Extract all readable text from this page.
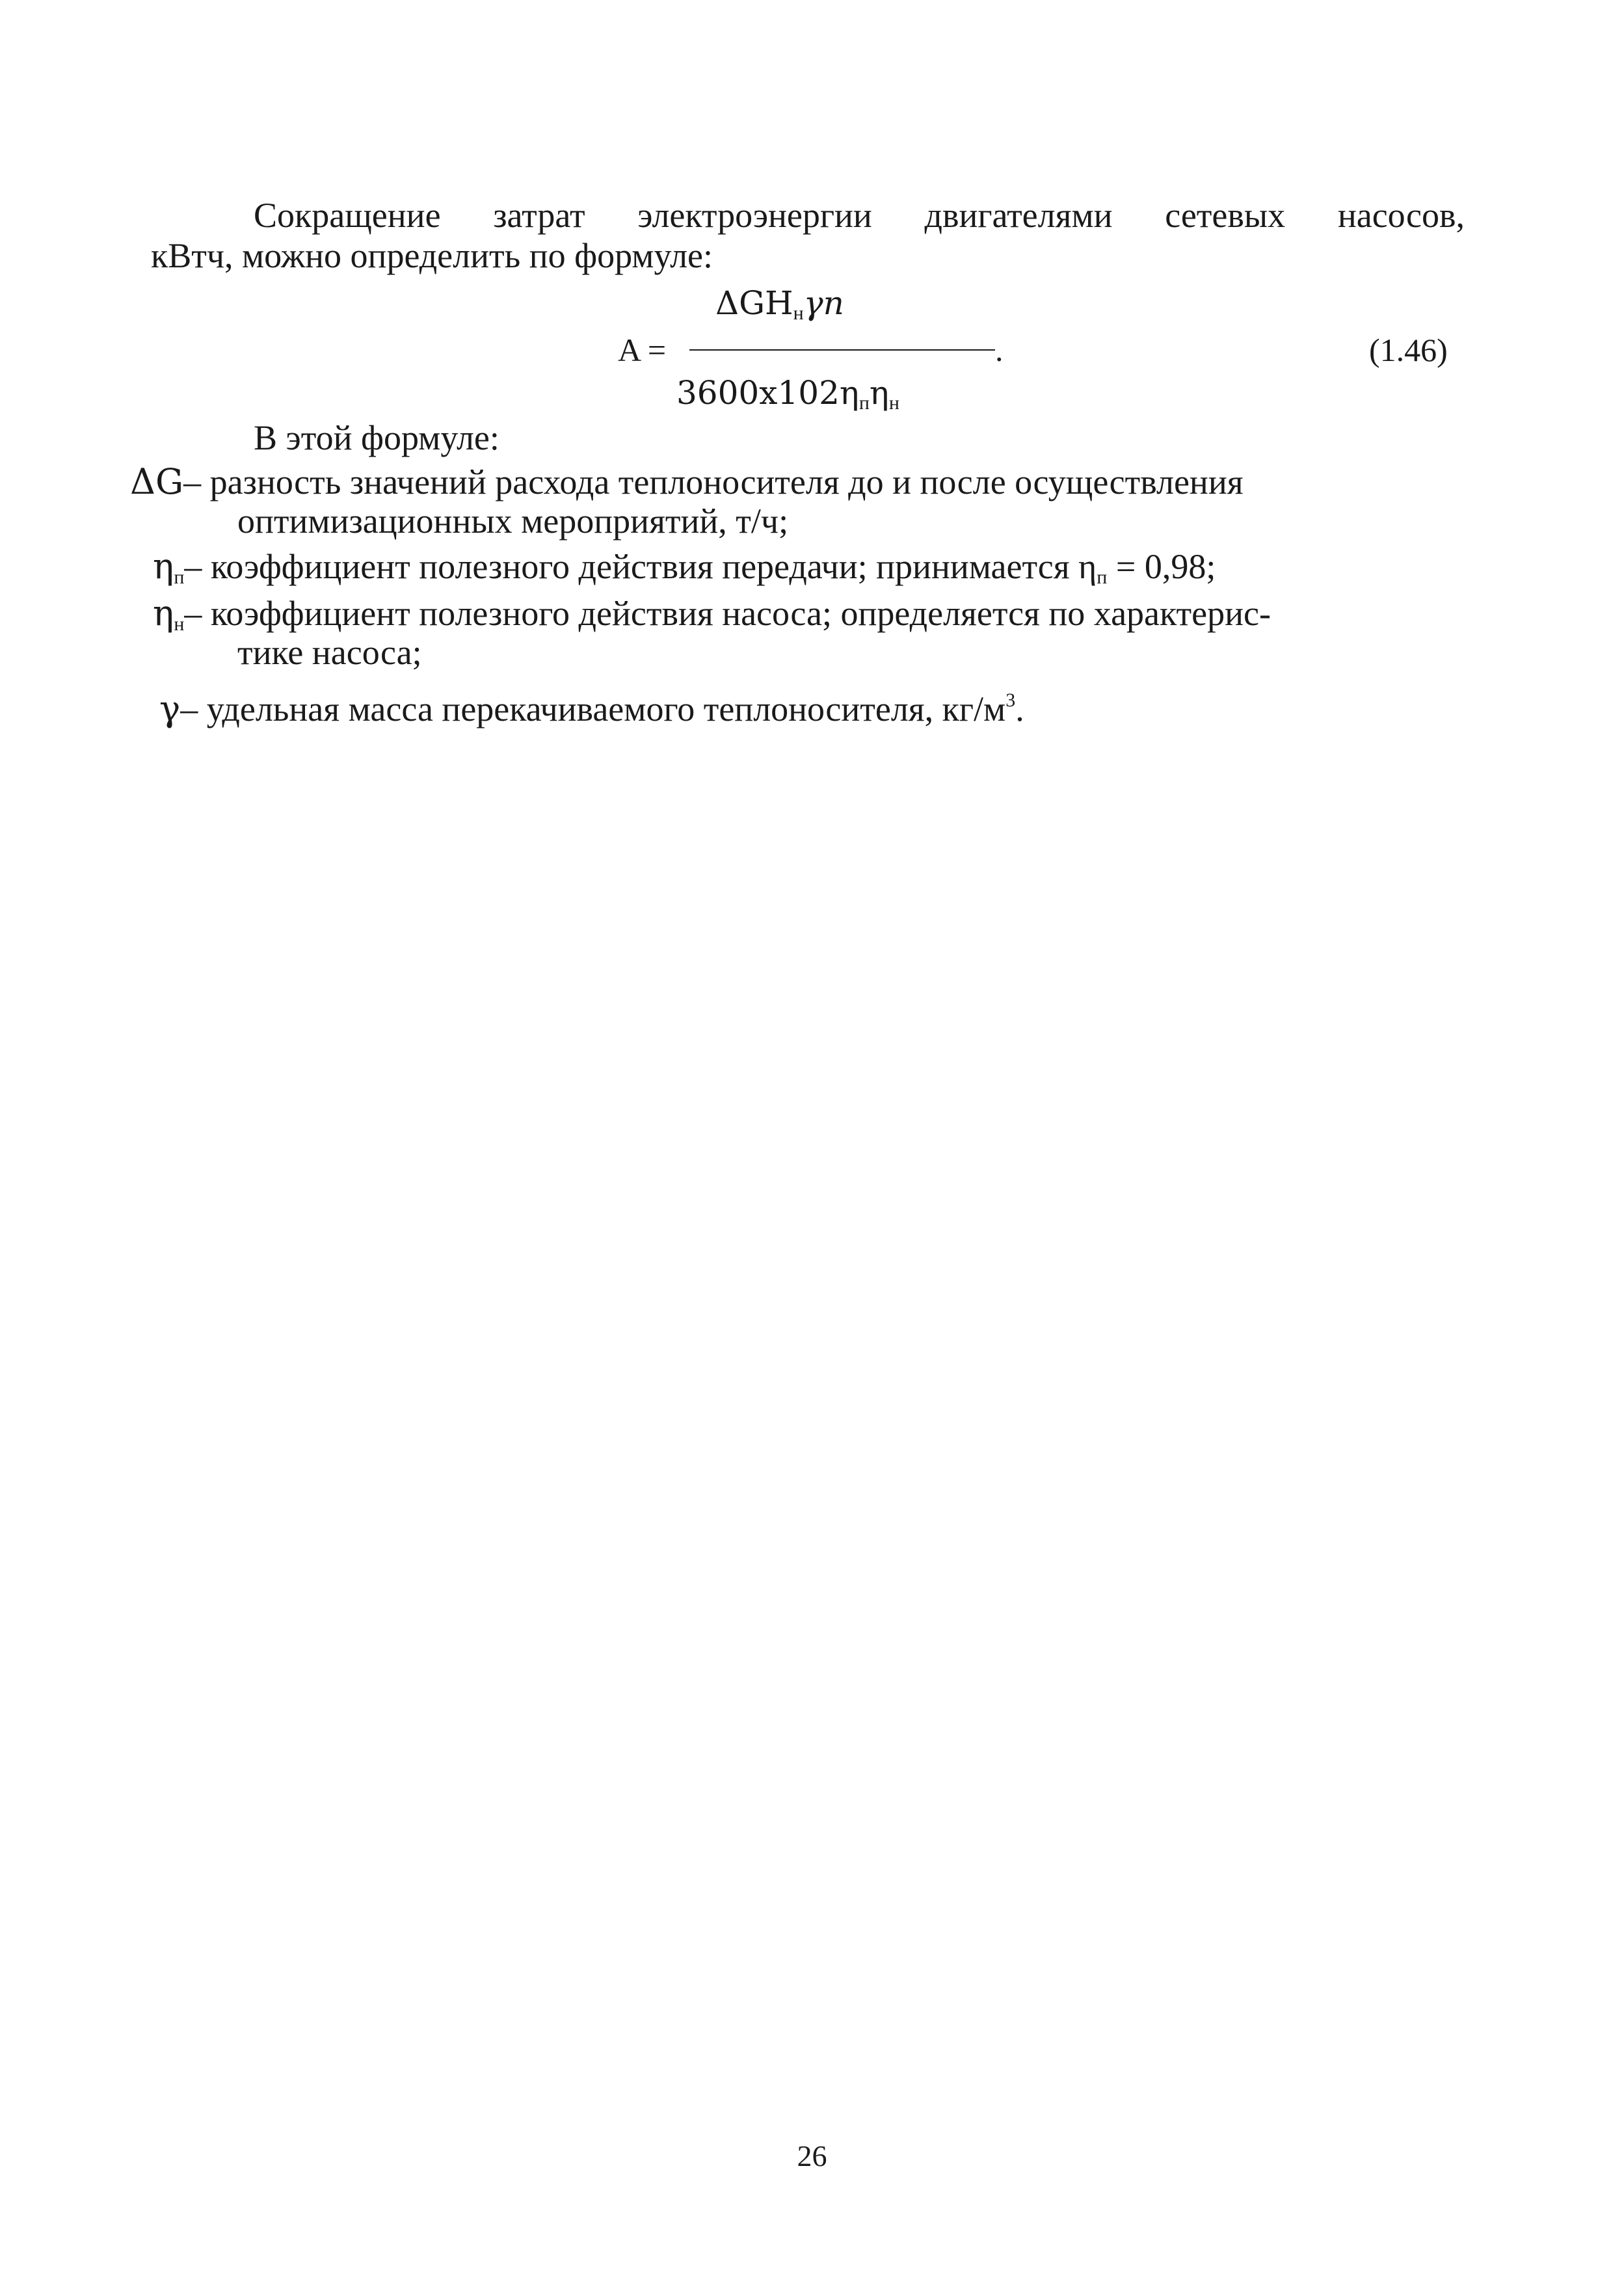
Сокращение затрат электроэнергии двигателями сетевых насосов,
кВтч, можно определить по формуле:
$\Delta GH_н\gamma n$
A =	.
$3600x102\eta_п\eta_н$
(1.46)
В этой формуле:
ΔG– разность значений расхода теплоносителя до и после осуществления
оптимизационных мероприятий, т/ч;
$\eta_п-$ коэффициент полезного действия передачи; принимается $\eta_п = 0,98$;
$\eta_н-$ коэффициент полезного действия насоса; определяется по характерис-
тике насоса;
γ– удельная масса перекачиваемого теплоносителя, $кг/м^3$.
26
